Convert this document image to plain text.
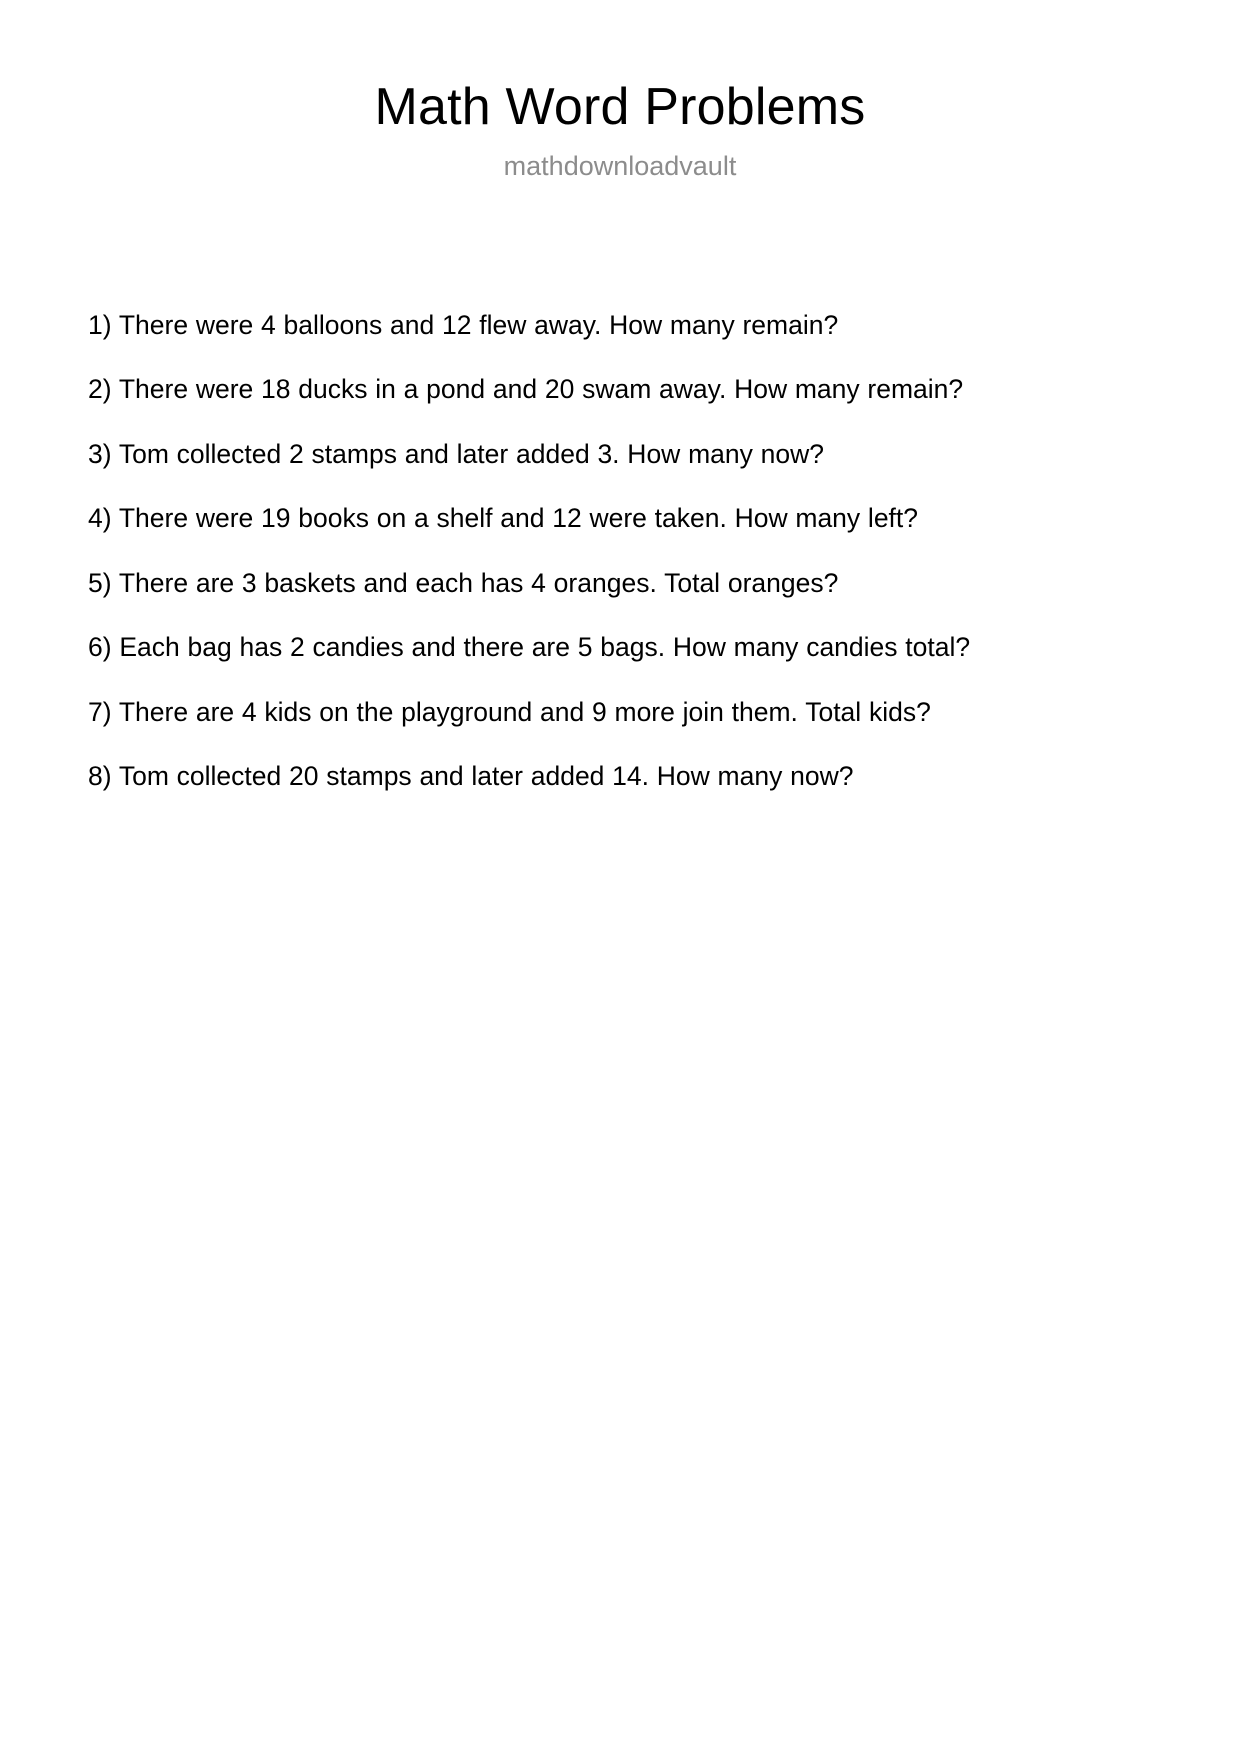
Math Word Problems

mathdownloadvault

1) There were 4 balloons and 12 flew away. How many remain?

2) There were 18 ducks in a pond and 20 swam away. How many remain?

3) Tom collected 2 stamps and later added 3. How many now?

4) There were 19 books on a shelf and 12 were taken. How many left?

5) There are 3 baskets and each has 4 oranges. Total oranges?

6) Each bag has 2 candies and there are 5 bags. How many candies total?

7) There are 4 kids on the playground and 9 more join them. Total kids?

8) Tom collected 20 stamps and later added 14. How many now?
